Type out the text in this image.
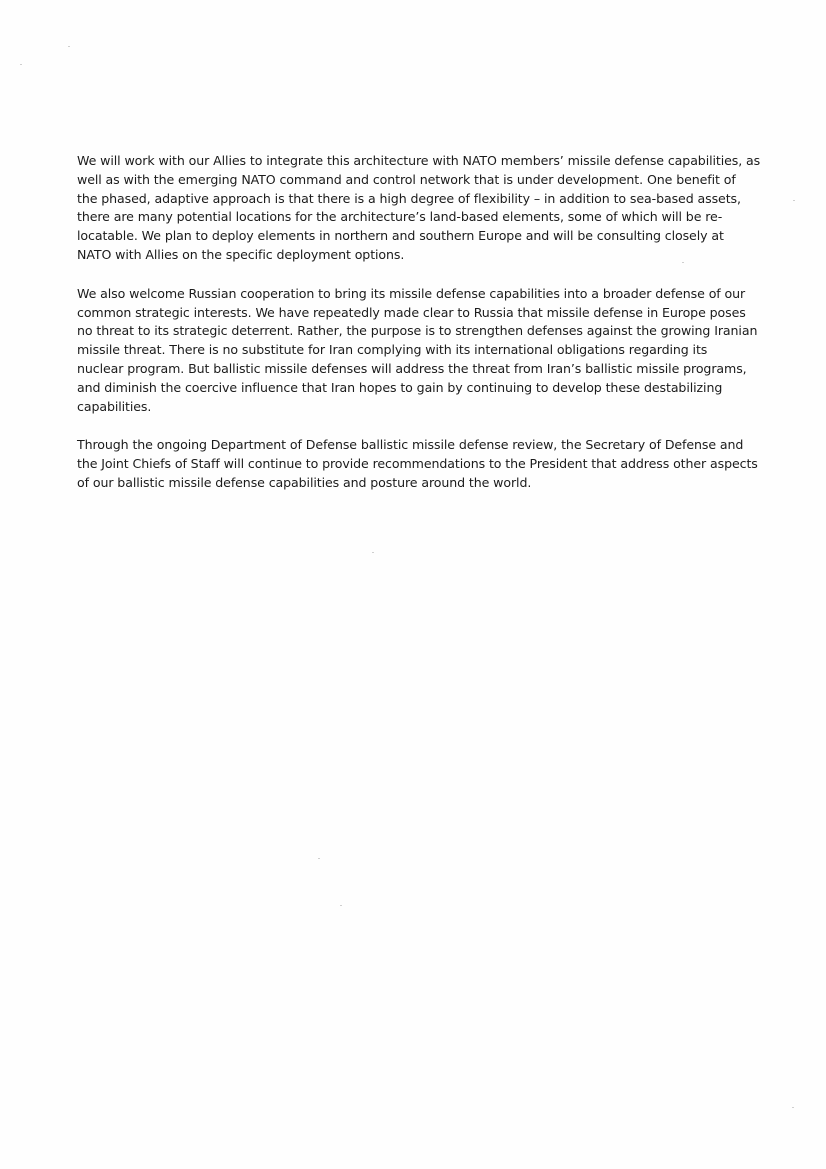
We will work with our Allies to integrate this architecture with NATO members’ missile defense capabilities, as
well as with the emerging NATO command and control network that is under development. One benefit of
the phased, adaptive approach is that there is a high degree of flexibility – in addition to sea-based assets,
there are many potential locations for the architecture’s land-based elements, some of which will be re-
locatable. We plan to deploy elements in northern and southern Europe and will be consulting closely at
NATO with Allies on the specific deployment options.

We also welcome Russian cooperation to bring its missile defense capabilities into a broader defense of our
common strategic interests. We have repeatedly made clear to Russia that missile defense in Europe poses
no threat to its strategic deterrent. Rather, the purpose is to strengthen defenses against the growing Iranian
missile threat. There is no substitute for Iran complying with its international obligations regarding its
nuclear program. But ballistic missile defenses will address the threat from Iran’s ballistic missile programs,
and diminish the coercive influence that Iran hopes to gain by continuing to develop these destabilizing
capabilities.

Through the ongoing Department of Defense ballistic missile defense review, the Secretary of Defense and
the Joint Chiefs of Staff will continue to provide recommendations to the President that address other aspects
of our ballistic missile defense capabilities and posture around the world.
